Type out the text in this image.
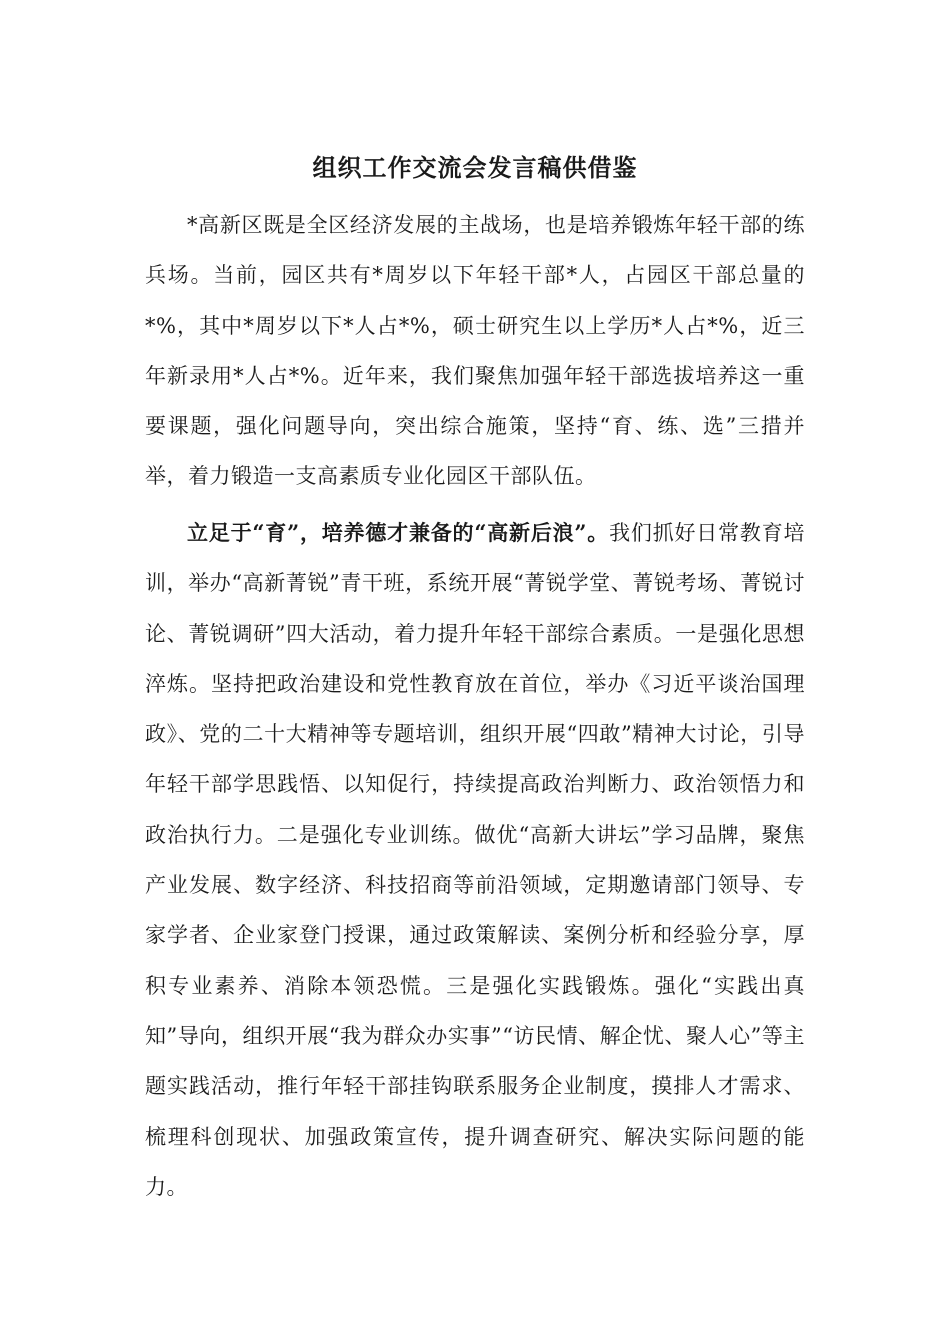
组织工作交流会发言稿供借鉴

*高新区既是全区经济发展的主战场，也是培养锻炼年轻干部的练兵场。当前，园区共有*周岁以下年轻干部*人，占园区干部总量的*%，其中*周岁以下*人占*%，硕士研究生以上学历*人占*%，近三年新录用*人占*%。近年来，我们聚焦加强年轻干部选拔培养这一重要课题，强化问题导向，突出综合施策，坚持“育、练、选”三措并举，着力锻造一支高素质专业化园区干部队伍。

立足于“育”，培养德才兼备的“高新后浪”。我们抓好日常教育培训，举办“高新菁锐”青干班，系统开展“菁锐学堂、菁锐考场、菁锐讨论、菁锐调研”四大活动，着力提升年轻干部综合素质。一是强化思想淬炼。坚持把政治建设和党性教育放在首位，举办《习近平谈治国理政》、党的二十大精神等专题培训，组织开展“四敢”精神大讨论，引导年轻干部学思践悟、以知促行，持续提高政治判断力、政治领悟力和政治执行力。二是强化专业训练。做优“高新大讲坛”学习品牌，聚焦产业发展、数字经济、科技招商等前沿领域，定期邀请部门领导、专家学者、企业家登门授课，通过政策解读、案例分析和经验分享，厚积专业素养、消除本领恐慌。三是强化实践锻炼。强化“实践出真知”导向，组织开展“我为群众办实事”“访民情、解企忧、聚人心”等主题实践活动，推行年轻干部挂钩联系服务企业制度，摸排人才需求、梳理科创现状、加强政策宣传，提升调查研究、解决实际问题的能力。
